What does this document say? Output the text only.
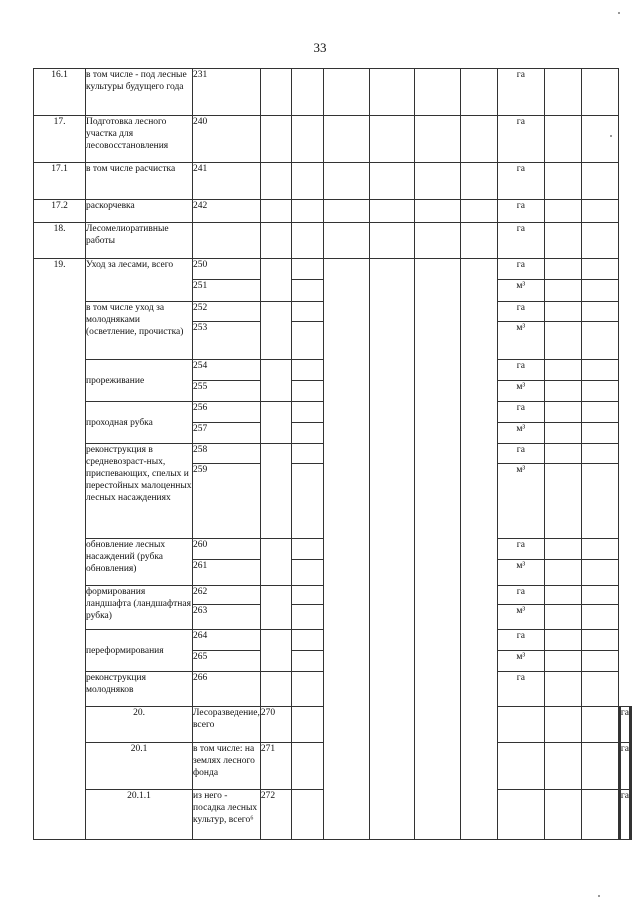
33
16.1	в том числе - под лесные культуры будущего года	231							га					
17.	Подготовка лесного участка для лесовосстановления	240							га					
17.1	в том числе расчистка	241							га					
17.2	раскорчевка	242							га					
18.	Лесомелиоративные работы								га					
19.	Уход за лесами, всего	250							га					
		251							м³					
	в том числе уход за молодняками (осветление, прочистка)	252							га					
		253							м³					
	прореживание	254							га					
		255							м³					
	проходная рубка	256							га					
		257							м³					
	реконструкция в средневозраст-ных, приспевающих, спелых и перестойных малоценных лесных насаждениях	258							га					
		259							м³					
	обновление лесных насаждений (рубка обновления)	260							га					
		261							м³					
	формирования ландшафта (ландшафтная рубка)	262							га					
		263							м³					
	переформирования	264							га					
		265							м³					
	реконструкция молодняков	266							га					
	20.	Лесоразведение, всего	270										га		
	20.1	в том числе: на землях лесного фонда	271										га		
	20.1.1	из него - посадка лесных культур, всего⁶	272										га		
